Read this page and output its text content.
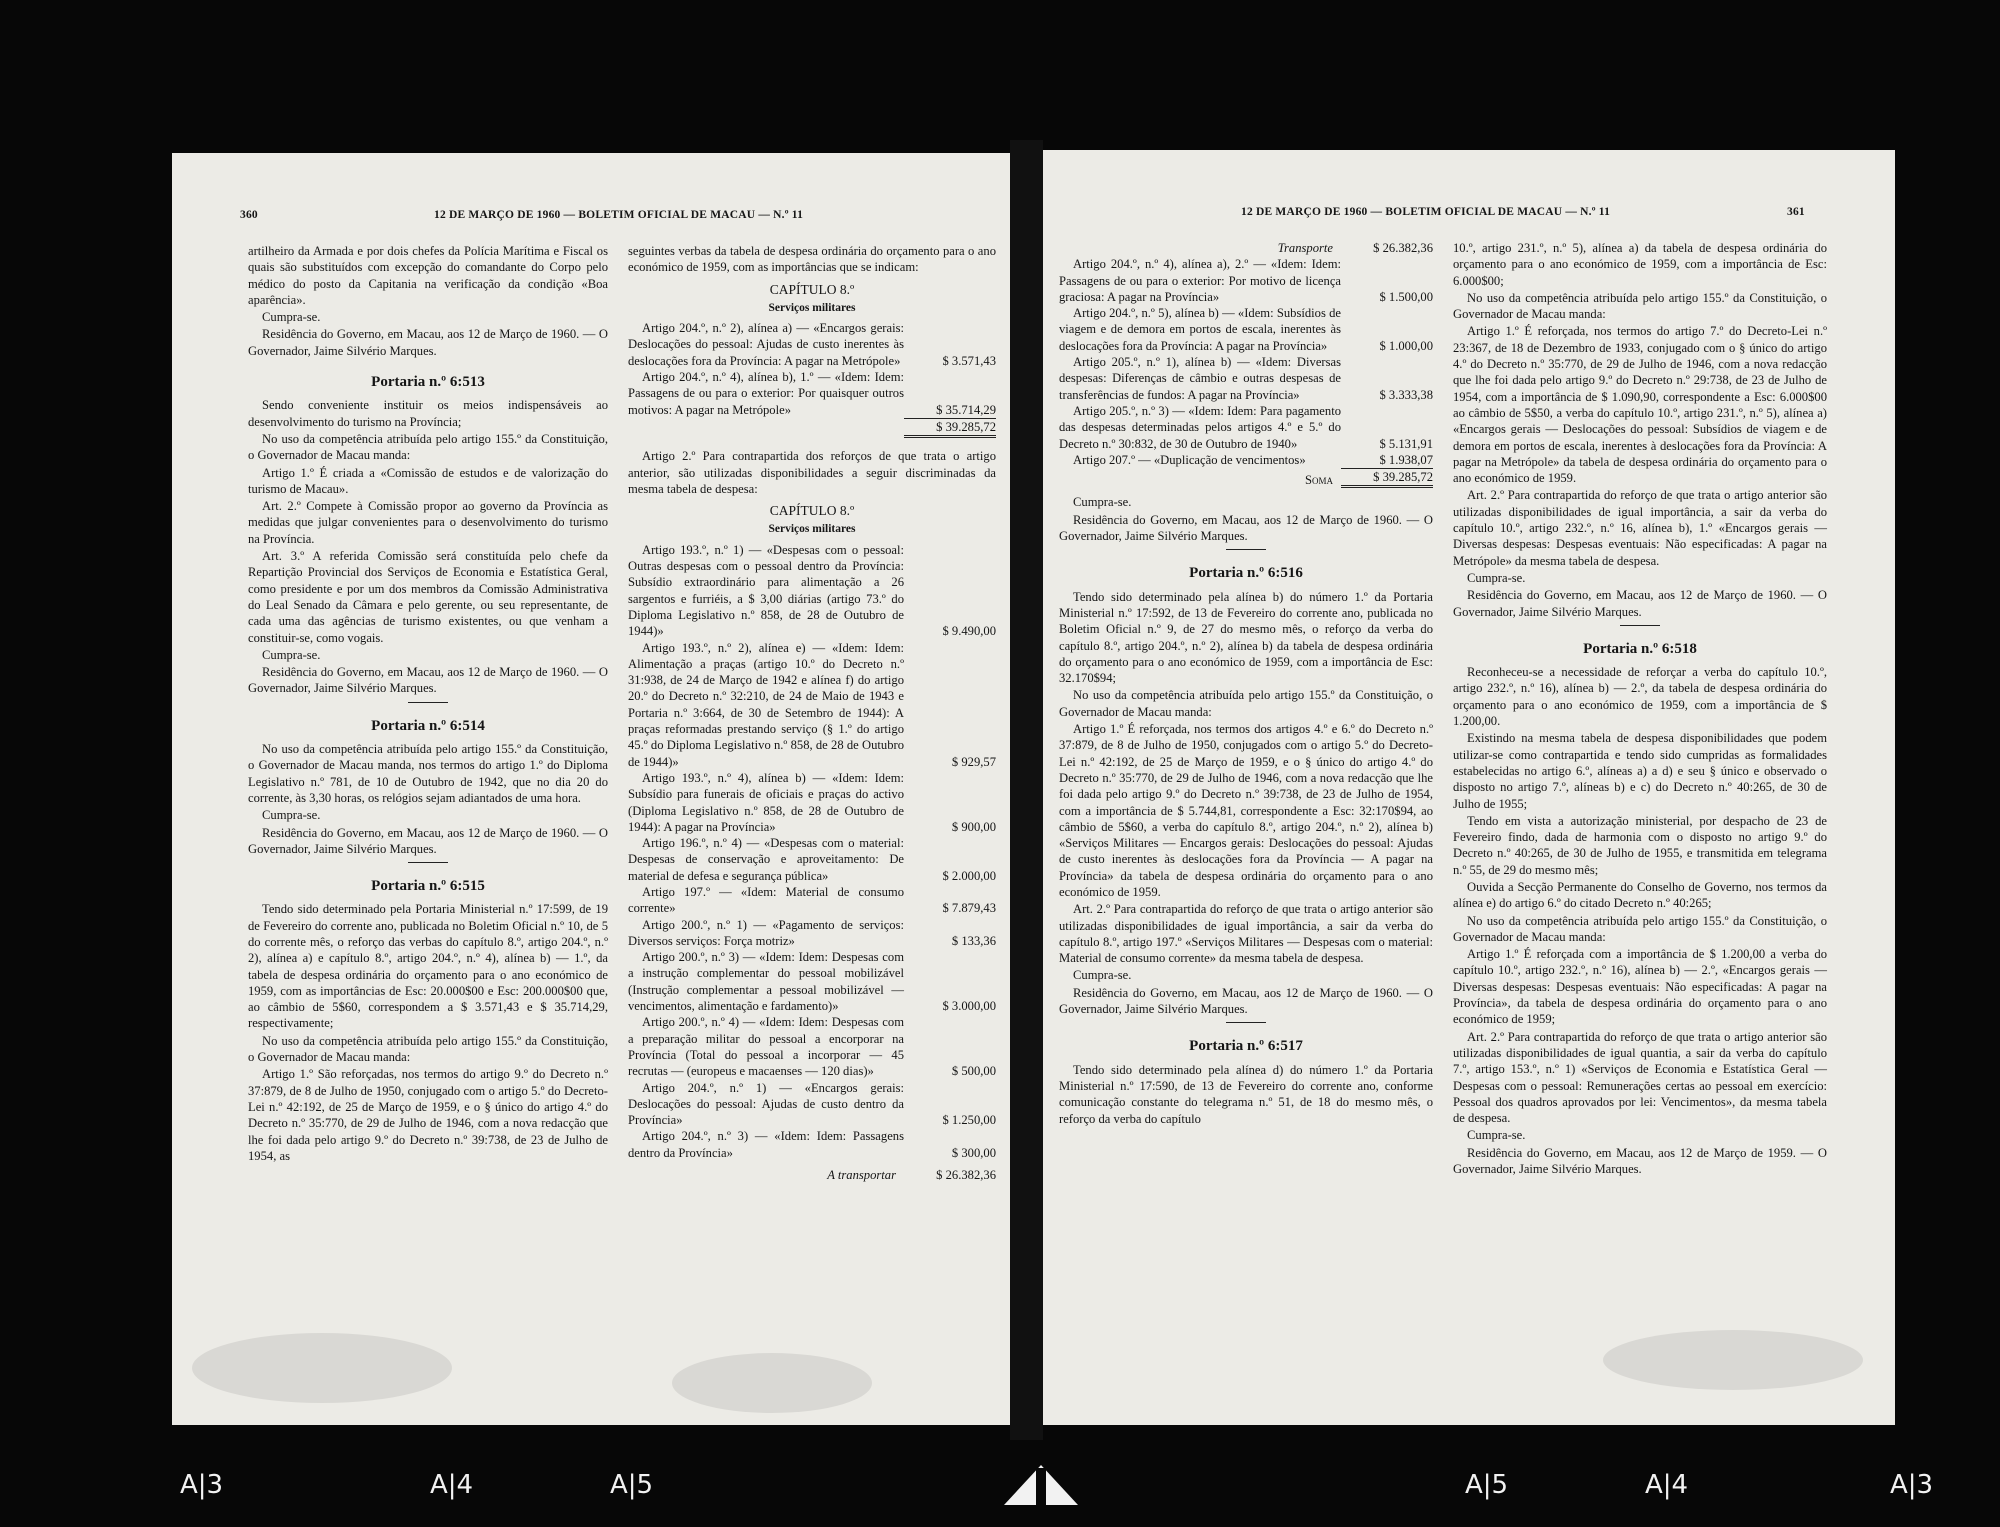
360	12 DE MARÇO DE 1960 — BOLETIM OFICIAL DE MACAU — N.º 11

artilheiro da Armada e por dois chefes da Polícia Marítima e Fiscal os quais são substituídos com excepção do comandante do Corpo pelo médico do posto da Capitania na verificação da condição «Boa aparência».

Cumpra-se.

Residência do Governo, em Macau, aos 12 de Março de 1960. — O Governador, Jaime Silvério Marques.

Portaria n.º 6:513

Sendo conveniente instituir os meios indispensáveis ao desenvolvimento do turismo na Província;

No uso da competência atribuída pelo artigo 155.º da Constituição, o Governador de Macau manda:

Artigo 1.º É criada a «Comissão de estudos e de valorização do turismo de Macau».

Art. 2.º Compete à Comissão propor ao governo da Província as medidas que julgar convenientes para o desenvolvimento do turismo na Província.

Art. 3.º A referida Comissão será constituída pelo chefe da Repartição Provincial dos Serviços de Economia e Estatística Geral, como presidente e por um dos membros da Comissão Administrativa do Leal Senado da Câmara e pelo gerente, ou seu representante, de cada uma das agências de turismo existentes, ou que venham a constituir-se, como vogais.

Cumpra-se.

Residência do Governo, em Macau, aos 12 de Março de 1960. — O Governador, Jaime Silvério Marques.

Portaria n.º 6:514

No uso da competência atribuída pelo artigo 155.º da Constituição, o Governador de Macau manda, nos termos do artigo 1.º do Diploma Legislativo n.º 781, de 10 de Outubro de 1942, que no dia 20 do corrente, às 3,30 horas, os relógios sejam adiantados de uma hora.

Cumpra-se.

Residência do Governo, em Macau, aos 12 de Março de 1960. — O Governador, Jaime Silvério Marques.

Portaria n.º 6:515

Tendo sido determinado pela Portaria Ministerial n.º 17:599, de 19 de Fevereiro do corrente ano, publicada no Boletim Oficial n.º 10, de 5 do corrente mês, o reforço das verbas do capítulo 8.º, artigo 204.º, n.º 2), alínea a) e capítulo 8.º, artigo 204.º, n.º 4), alínea b) — 1.º, da tabela de despesa ordinária do orçamento para o ano económico de 1959, com as importâncias de Esc: 20.000$00 e Esc: 200.000$00 que, ao câmbio de 5$60, correspondem a $ 3.571,43 e $ 35.714,29, respectivamente;

No uso da competência atribuída pelo artigo 155.º da Constituição, o Governador de Macau manda:

Artigo 1.º São reforçadas, nos termos do artigo 9.º do Decreto n.º 37:879, de 8 de Julho de 1950, conjugado com o artigo 5.º do Decreto-Lei n.º 42:192, de 25 de Março de 1959, e o § único do artigo 4.º do Decreto n.º 35:770, de 29 de Julho de 1946, com a nova redacção que lhe foi dada pelo artigo 9.º do Decreto n.º 39:738, de 23 de Julho de 1954, as

seguintes verbas da tabela de despesa ordinária do orçamento para o ano económico de 1959, com as importâncias que se indicam:

CAPÍTULO 8.º
Serviços militares
Artigo 204.º, n.º 2), alínea a) — «Encargos gerais: Deslocações do pessoal: Ajudas de custo inerentes às deslocações fora da Província: A pagar na Metrópole»	$ 3.571,43
Artigo 204.º, n.º 4), alínea b), 1.º — «Idem: Idem: Passagens de ou para o exterior: Por quaisquer outros motivos: A pagar na Metrópole»	$ 35.714,29
$ 39.285,72

Artigo 2.º Para contrapartida dos reforços de que trata o artigo anterior, são utilizadas disponibilidades a seguir discriminadas da mesma tabela de despesa:

CAPÍTULO 8.º
Serviços militares
Artigo 193.º, n.º 1) — «Despesas com o pessoal: Outras despesas com o pessoal dentro da Província: Subsídio extraordinário para alimentação a 26 sargentos e furriéis, a $ 3,00 diárias (artigo 73.º do Diploma Legislativo n.º 858, de 28 de Outubro de 1944)»	$ 9.490,00
Artigo 193.º, n.º 2), alínea e) — «Idem: Idem: Alimentação a praças (artigo 10.º do Decreto n.º 31:938, de 24 de Março de 1942 e alínea f) do artigo 20.º do Decreto n.º 32:210, de 24 de Maio de 1943 e Portaria n.º 3:664, de 30 de Setembro de 1944): A praças reformadas prestando serviço (§ 1.º do artigo 45.º do Diploma Legislativo n.º 858, de 28 de Outubro de 1944)»	$ 929,57
Artigo 193.º, n.º 4), alínea b) — «Idem: Idem: Subsídio para funerais de oficiais e praças do activo (Diploma Legislativo n.º 858, de 28 de Outubro de 1944): A pagar na Província»	$ 900,00
Artigo 196.º, n.º 4) — «Despesas com o material: Despesas de conservação e aproveitamento: De material de defesa e segurança pública»	$ 2.000,00
Artigo 197.º — «Idem: Material de consumo corrente»	$ 7.879,43
Artigo 200.º, n.º 1) — «Pagamento de serviços: Diversos serviços: Força motriz»	$ 133,36
Artigo 200.º, n.º 3) — «Idem: Idem: Despesas com a instrução complementar do pessoal mobilizável (Instrução complementar a pessoal mobilizável — vencimentos, alimentação e fardamento)»	$ 3.000,00
Artigo 200.º, n.º 4) — «Idem: Idem: Despesas com a preparação militar do pessoal a encorporar na Província (Total do pessoal a incorporar — 45 recrutas — (europeus e macaenses — 120 dias)»	$ 500,00
Artigo 204.º, n.º 1) — «Encargos gerais: Deslocações do pessoal: Ajudas de custo dentro da Província»	$ 1.250,00
Artigo 204.º, n.º 3) — «Idem: Idem: Passagens dentro da Província»	$ 300,00
A transportar	$ 26.382,36
12 DE MARÇO DE 1960 — BOLETIM OFICIAL DE MACAU — N.º 11	361
Transporte	$ 26.382,36
Artigo 204.º, n.º 4), alínea a), 2.º — «Idem: Idem: Passagens de ou para o exterior: Por motivo de licença graciosa: A pagar na Província»	$ 1.500,00
Artigo 204.º, n.º 5), alínea b) — «Idem: Subsídios de viagem e de demora em portos de escala, inerentes às deslocações fora da Província: A pagar na Província»	$ 1.000,00
Artigo 205.º, n.º 1), alínea b) — «Idem: Diversas despesas: Diferenças de câmbio e outras despesas de transferências de fundos: A pagar na Província»	$ 3.333,38
Artigo 205.º, n.º 3) — «Idem: Idem: Para pagamento das despesas determinadas pelos artigos 4.º e 5.º do Decreto n.º 30:832, de 30 de Outubro de 1940»	$ 5.131,91
Artigo 207.º — «Duplicação de vencimentos»	$ 1.938,07
Soma	$ 39.285,72

Cumpra-se.

Residência do Governo, em Macau, aos 12 de Março de 1960. — O Governador, Jaime Silvério Marques.

Portaria n.º 6:516

Tendo sido determinado pela alínea b) do número 1.º da Portaria Ministerial n.º 17:592, de 13 de Fevereiro do corrente ano, publicada no Boletim Oficial n.º 9, de 27 do mesmo mês, o reforço da verba do capítulo 8.º, artigo 204.º, n.º 2), alínea b) da tabela de despesa ordinária do orçamento para o ano económico de 1959, com a importância de Esc: 32.170$94;

No uso da competência atribuída pelo artigo 155.º da Constituição, o Governador de Macau manda:

Artigo 1.º É reforçada, nos termos dos artigos 4.º e 6.º do Decreto n.º 37:879, de 8 de Julho de 1950, conjugados com o artigo 5.º do Decreto-Lei n.º 42:192, de 25 de Março de 1959, e o § único do artigo 4.º do Decreto n.º 35:770, de 29 de Julho de 1946, com a nova redacção que lhe foi dada pelo artigo 9.º do Decreto n.º 39:738, de 23 de Julho de 1954, com a importância de $ 5.744,81, correspondente a Esc: 32:170$94, ao câmbio de 5$60, a verba do capítulo 8.º, artigo 204.º, n.º 2), alínea b) «Serviços Militares — Encargos gerais: Deslocações do pessoal: Ajudas de custo inerentes às deslocações fora da Província — A pagar na Província» da tabela de despesa ordinária do orçamento para o ano económico de 1959.

Art. 2.º Para contrapartida do reforço de que trata o artigo anterior são utilizadas disponibilidades de igual importância, a sair da verba do capítulo 8.º, artigo 197.º «Serviços Militares — Despesas com o material: Material de consumo corrente» da mesma tabela de despesa.

Cumpra-se.

Residência do Governo, em Macau, aos 12 de Março de 1960. — O Governador, Jaime Silvério Marques.

Portaria n.º 6:517

Tendo sido determinado pela alínea d) do número 1.º da Portaria Ministerial n.º 17:590, de 13 de Fevereiro do corrente ano, conforme comunicação constante do telegrama n.º 51, de 18 do mesmo mês, o reforço da verba do capítulo

10.º, artigo 231.º, n.º 5), alínea a) da tabela de despesa ordinária do orçamento para o ano económico de 1959, com a importância de Esc: 6.000$00;

No uso da competência atribuída pelo artigo 155.º da Constituição, o Governador de Macau manda:

Artigo 1.º É reforçada, nos termos do artigo 7.º do Decreto-Lei n.º 23:367, de 18 de Dezembro de 1933, conjugado com o § único do artigo 4.º do Decreto n.º 35:770, de 29 de Julho de 1946, com a nova redacção que lhe foi dada pelo artigo 9.º do Decreto n.º 29:738, de 23 de Julho de 1954, com a importância de $ 1.090,90, correspondente a Esc: 6.000$00 ao câmbio de 5$50, a verba do capítulo 10.º, artigo 231.º, n.º 5), alínea a) «Encargos gerais — Deslocações do pessoal: Subsídios de viagem e de demora em portos de escala, inerentes à deslocações fora da Província: A pagar na Metrópole» da tabela de despesa ordinária do orçamento para o ano económico de 1959.

Art. 2.º Para contrapartida do reforço de que trata o artigo anterior são utilizadas disponibilidades de igual importância, a sair da verba do capítulo 10.º, artigo 232.º, n.º 16, alínea b), 1.º «Encargos gerais — Diversas despesas: Despesas eventuais: Não especificadas: A pagar na Metrópole» da mesma tabela de despesa.

Cumpra-se.

Residência do Governo, em Macau, aos 12 de Março de 1960. — O Governador, Jaime Silvério Marques.

Portaria n.º 6:518

Reconheceu-se a necessidade de reforçar a verba do capítulo 10.º, artigo 232.º, n.º 16), alínea b) — 2.º, da tabela de despesa ordinária do orçamento para o ano económico de 1959, com a importância de $ 1.200,00.

Existindo na mesma tabela de despesa disponibilidades que podem utilizar-se como contrapartida e tendo sido cumpridas as formalidades estabelecidas no artigo 6.º, alíneas a) a d) e seu § único e observado o disposto no artigo 7.º, alíneas b) e c) do Decreto n.º 40:265, de 30 de Julho de 1955;

Tendo em vista a autorização ministerial, por despacho de 23 de Fevereiro findo, dada de harmonia com o disposto no artigo 9.º do Decreto n.º 40:265, de 30 de Julho de 1955, e transmitida em telegrama n.º 55, de 29 do mesmo mês;

Ouvida a Secção Permanente do Conselho de Governo, nos termos da alínea e) do artigo 6.º do citado Decreto n.º 40:265;

No uso da competência atribuída pelo artigo 155.º da Constituição, o Governador de Macau manda:

Artigo 1.º É reforçada com a importância de $ 1.200,00 a verba do capítulo 10.º, artigo 232.º, n.º 16), alínea b) — 2.º, «Encargos gerais — Diversas despesas: Despesas eventuais: Não especificadas: A pagar na Província», da tabela de despesa ordinária do orçamento para o ano económico de 1959;

Art. 2.º Para contrapartida do reforço de que trata o artigo anterior são utilizadas disponibilidades de igual quantia, a sair da verba do capítulo 7.º, artigo 153.º, n.º 1) «Serviços de Economia e Estatística Geral — Despesas com o pessoal: Remunerações certas ao pessoal em exercício: Pessoal dos quadros aprovados por lei: Vencimentos», da mesma tabela de despesa.

Cumpra-se.

Residência do Governo, em Macau, aos 12 de Março de 1959. — O Governador, Jaime Silvério Marques.

A|3	A|4	A|5	A|5	A|4	A|3
